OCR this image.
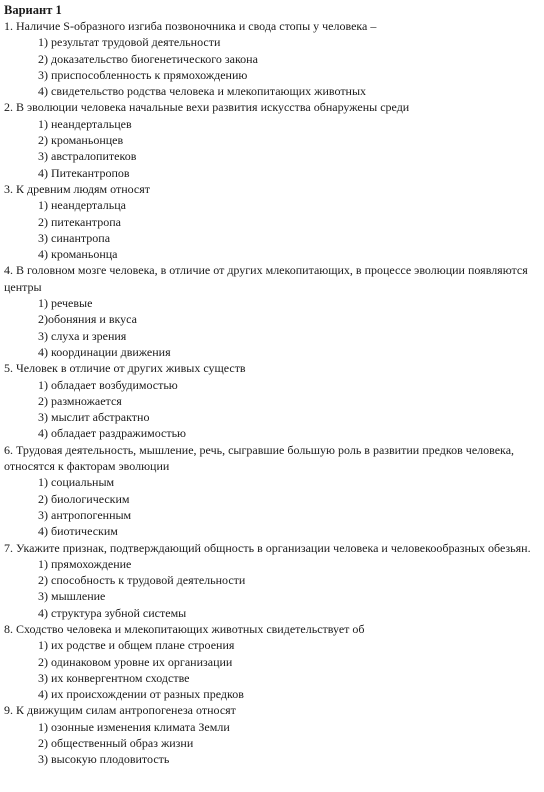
Вариант 1
1. Наличие S-образного изгиба позвоночника и свода стопы у человека –
1) результат трудовой деятельности
2) доказательство биогенетического закона
3) приспособленность к прямохождению
4) свидетельство родства человека и млекопитающих животных
2. В эволюции человека начальные вехи развития искусства обнаружены среди
1) неандертальцев
2) кроманьонцев
3) австралопитеков
4) Питекантропов
3. К древним людям относят
1) неандертальца
2) питекантропа
3) синантропа
4) кроманьонца
4. В головном мозге человека, в отличие от других млекопитающих, в процессе эволюции появляются центры
1) речевые
2)обоняния и вкуса
3) слуха и зрения
4) координации движения
5. Человек в отличие от других живых существ
1) обладает возбудимостью
2) размножается
3) мыслит абстрактно
4) обладает раздражимостью
6. Трудовая деятельность, мышление, речь, сыгравшие большую роль в развитии предков человека, относятся к факторам эволюции
1) социальным
2) биологическим
3) антропогенным
4) биотическим
7. Укажите признак, подтверждающий общность в организации человека и человекообразных обезьян.
1) прямохождение
2) способность к трудовой деятельности
3) мышление
4) структура зубной системы
8. Сходство человека и млекопитающих животных свидетельствует об
1) их родстве и общем плане строения
2) одинаковом уровне их организации
3) их конвергентном сходстве
4) их происхождении от разных предков
9. К движущим силам антропогенеза относят
1) озонные изменения климата Земли
2) общественный образ жизни
3) высокую плодовитость
